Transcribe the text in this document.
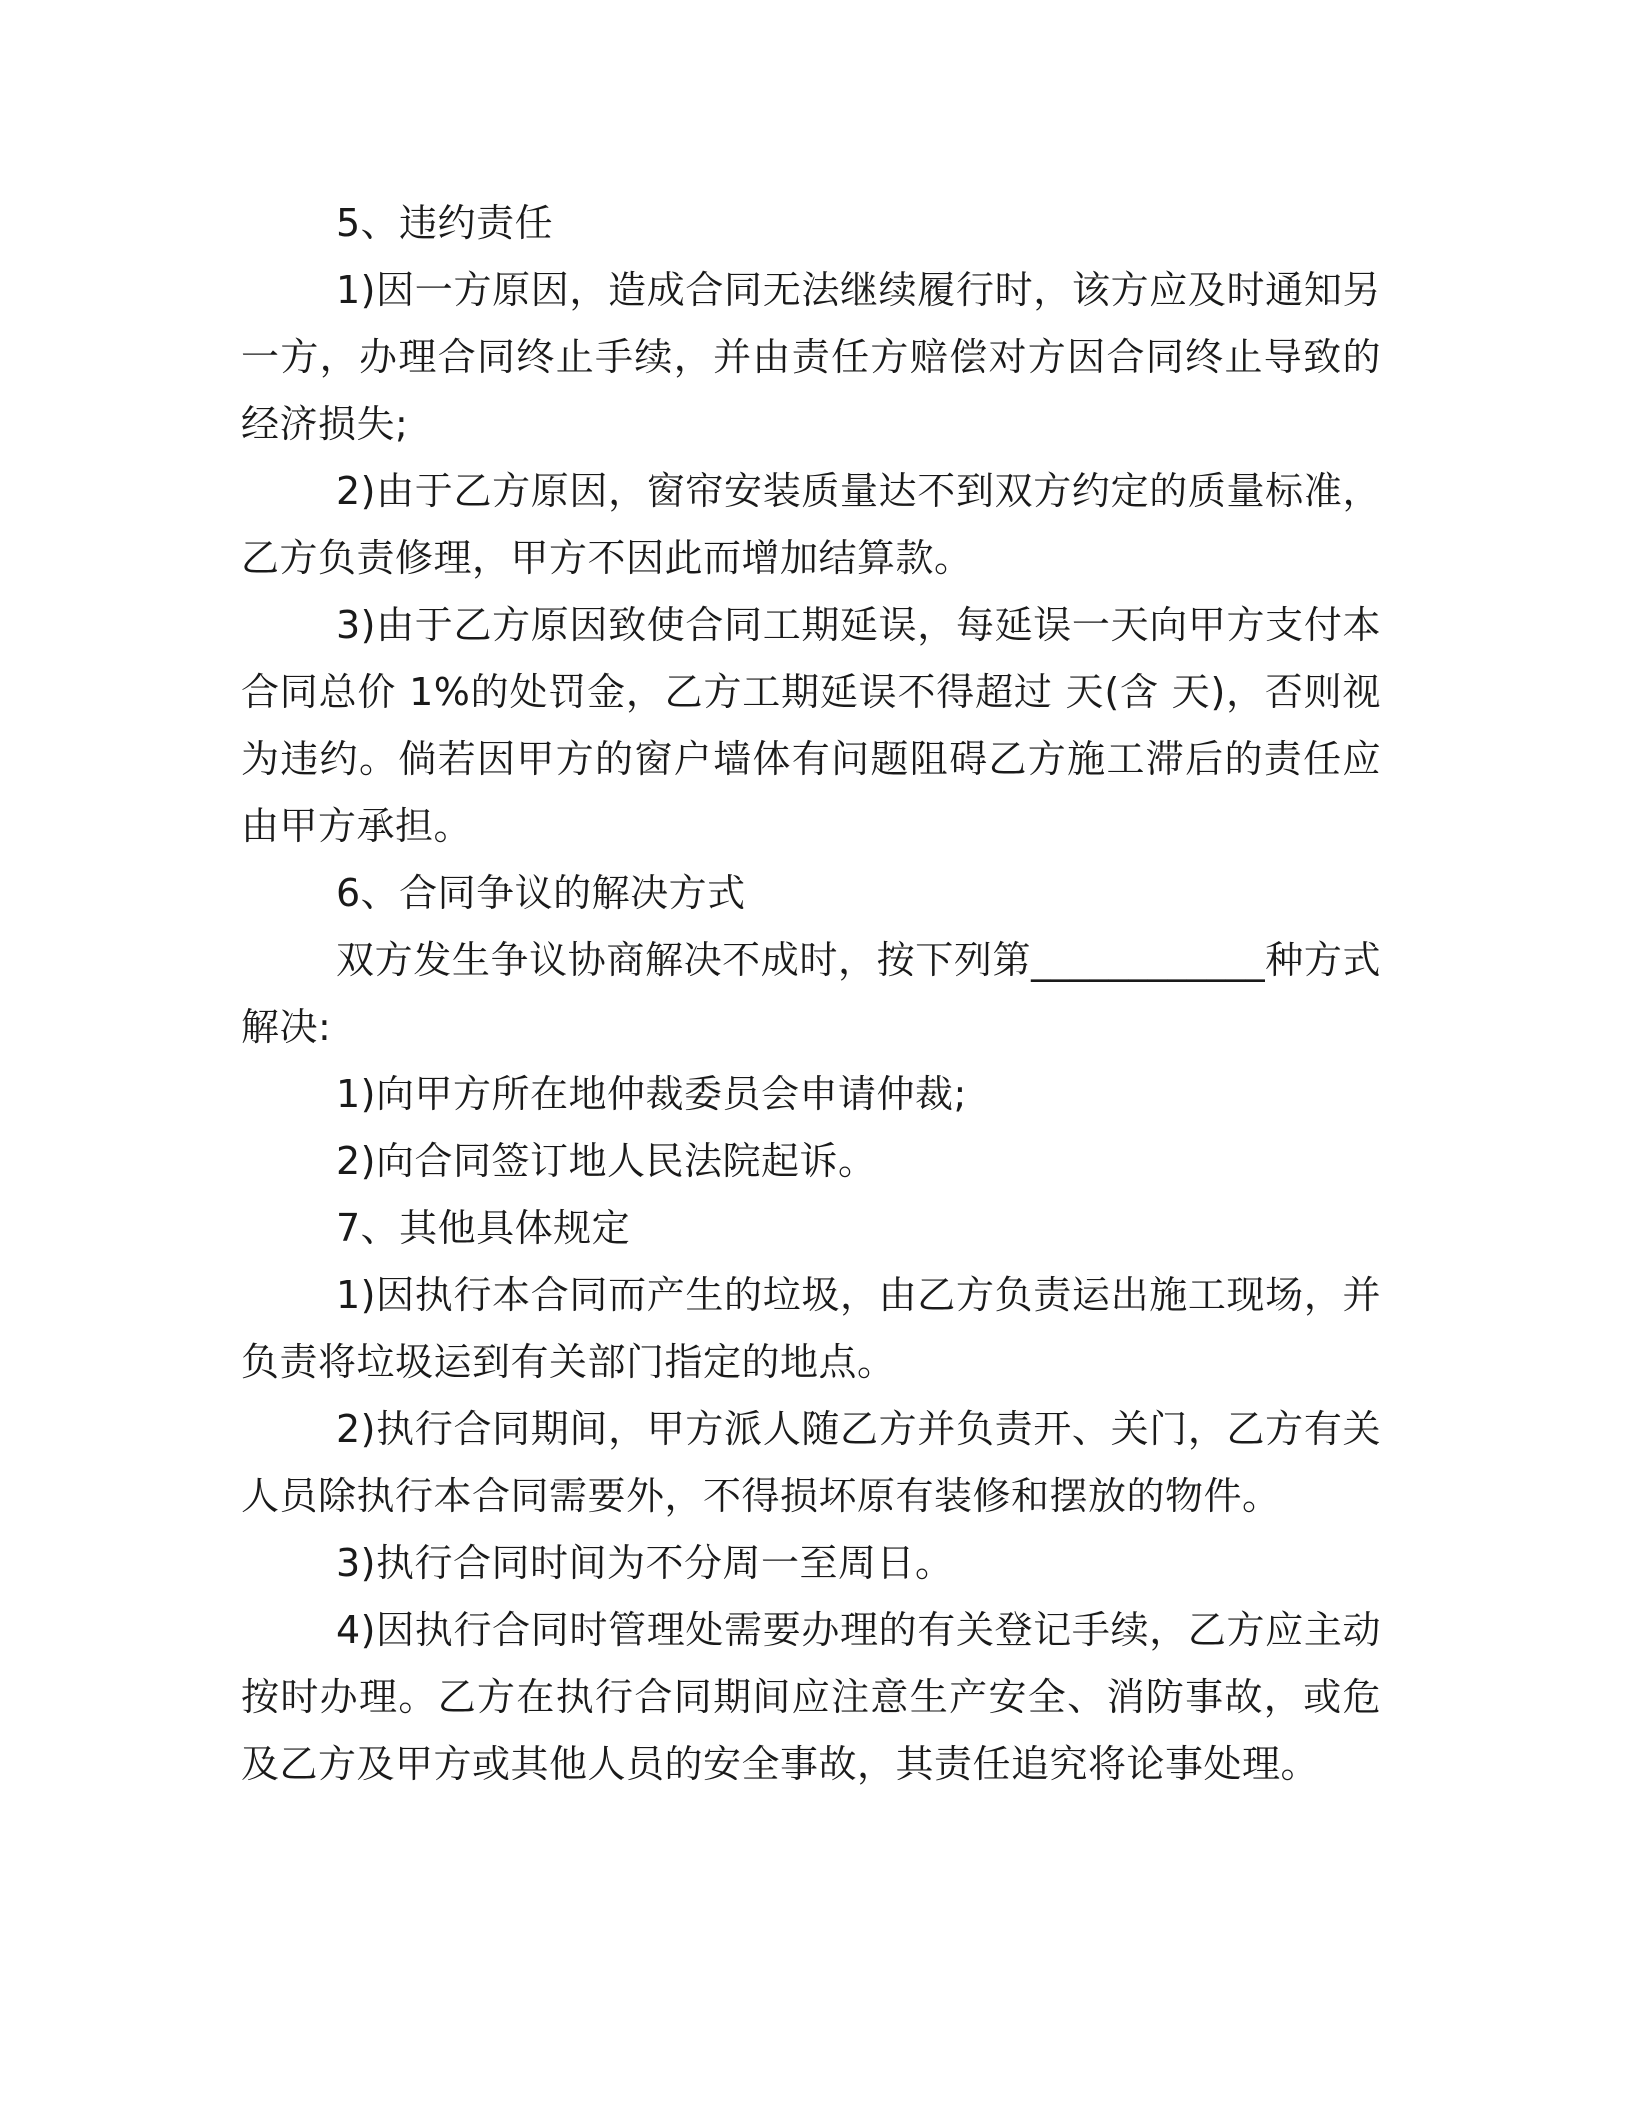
5、违约责任

1)因一方原因，造成合同无法继续履行时，该方应及时通知另一方，办理合同终止手续，并由责任方赔偿对方因合同终止导致的经济损失;

2)由于乙方原因，窗帘安装质量达不到双方约定的质量标准，乙方负责修理，甲方不因此而增加结算款。

3)由于乙方原因致使合同工期延误，每延误一天向甲方支付本合同总价 1%的处罚金，乙方工期延误不得超过 天(含 天)，否则视为违约。倘若因甲方的窗户墙体有问题阻碍乙方施工滞后的责任应由甲方承担。

6、合同争议的解决方式

双方发生争议协商解决不成时，按下列第____________种方式解决:

1)向甲方所在地仲裁委员会申请仲裁;

2)向合同签订地人民法院起诉。

7、其他具体规定

1)因执行本合同而产生的垃圾，由乙方负责运出施工现场，并负责将垃圾运到有关部门指定的地点。

2)执行合同期间，甲方派人随乙方并负责开、关门，乙方有关人员除执行本合同需要外，不得损坏原有装修和摆放的物件。

3)执行合同时间为不分周一至周日。

4)因执行合同时管理处需要办理的有关登记手续，乙方应主动按时办理。乙方在执行合同期间应注意生产安全、消防事故，或危及乙方及甲方或其他人员的安全事故，其责任追究将论事处理。
